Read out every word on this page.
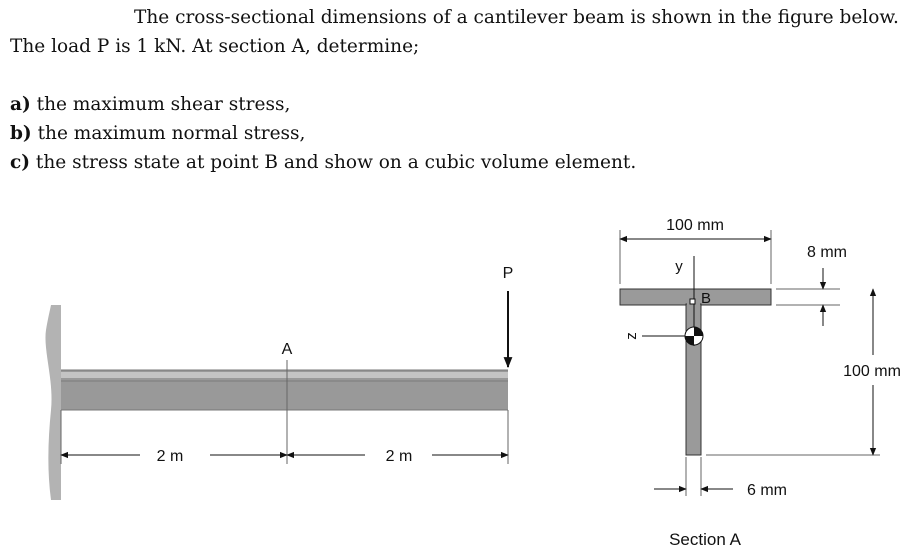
The cross-sectional dimensions of a cantilever beam is shown in the figure below.
The load P is 1 kN. At section A, determine;
a) the maximum shear stress,
b) the maximum normal stress,
c) the stress state at point B and show on a cubic volume element.
P
A
2 m	2 m
100 mm
y
z
B
8 mm
100 mm
6 mm
Section A
